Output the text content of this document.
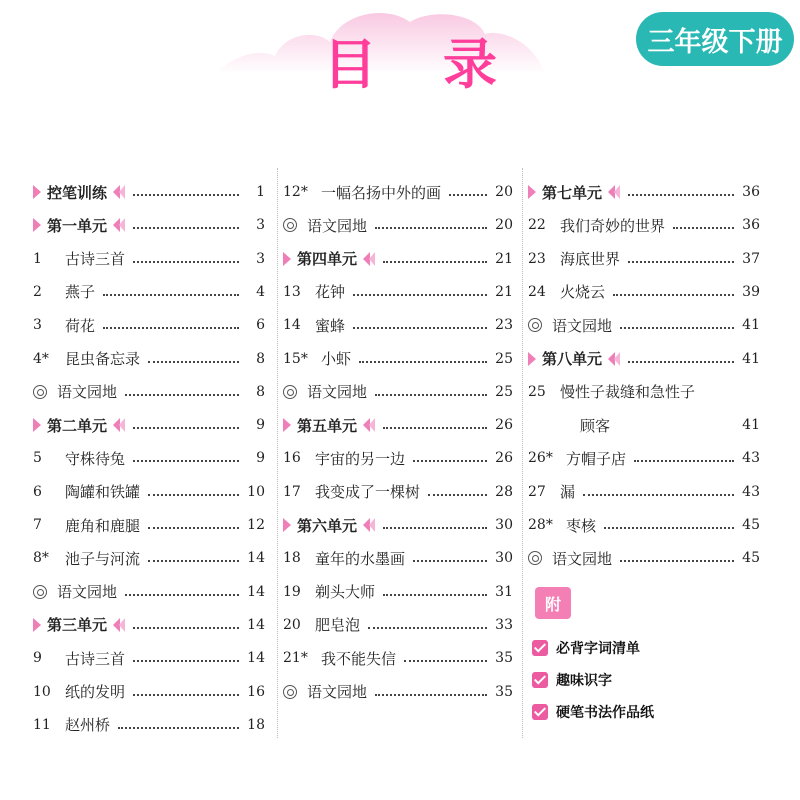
目 录	三年级下册
控笔训练	1
第一单元	3
1	古诗三首	3
2	燕子	4
3	荷花	6
4*	昆虫备忘录	8
语文园地	8
第二单元	9
5	守株待兔	9
6	陶罐和铁罐	10
7	鹿角和鹿腿	12
8*	池子与河流	14
语文园地	14
第三单元	14
9	古诗三首	14
10 纸的发明	16
11 赵州桥	18
12* 一幅名扬中外的画	20
语文园地	20
第四单元	21
13 花钟	21
14 蜜蜂	23
15* 小虾	25
语文园地	25
第五单元	26
16 宇宙的另一边	26
17 我变成了一棵树	28
第六单元	30
18 童年的水墨画	30
19 剃头大师	31
20 肥皂泡	33
21* 我不能失信	35
语文园地	35
第七单元	36
22 我们奇妙的世界	36
23 海底世界	37
24 火烧云	39
语文园地	41
第八单元	41
25 慢性子裁缝和急性子
顾客	41
26* 方帽子店	43
27 漏	43
28* 枣核	45
语文园地	45
附
必背字词清单
趣味识字
硬笔书法作品纸
